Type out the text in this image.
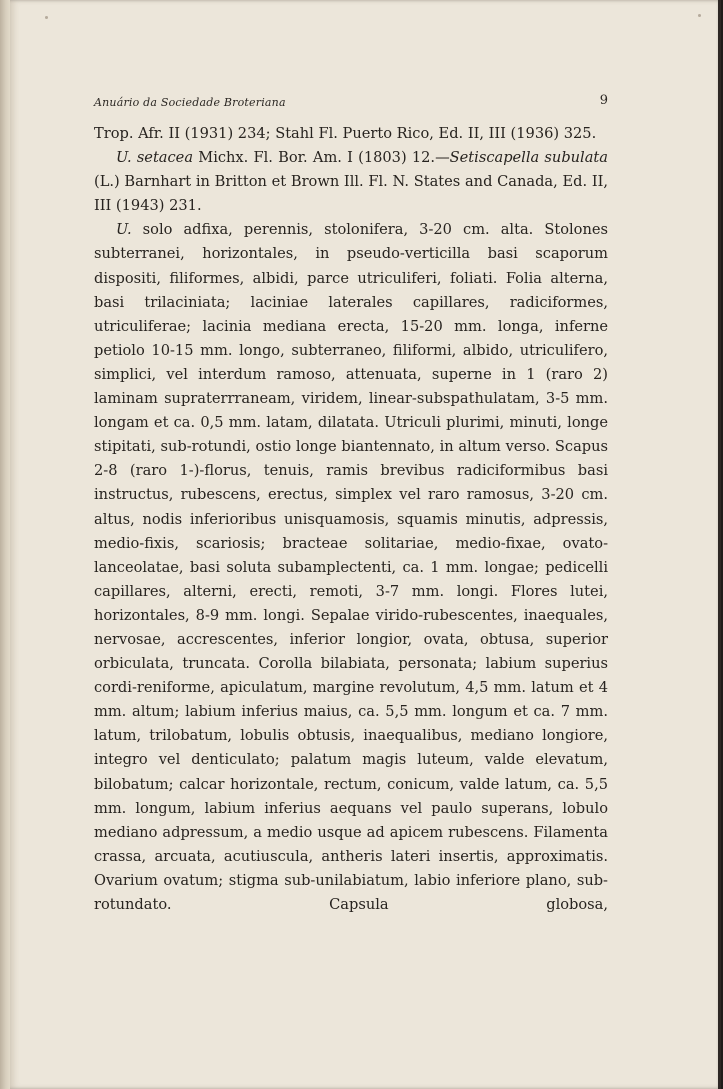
Anuário da Sociedade Broteriana	9

Trop. Afr. II (1931) 234; Stahl Fl. Puerto Rico, Ed. II, III (1936) 325.

U. setacea Michx. Fl. Bor. Am. I (1803) 12.—Setiscapella subulata (L.) Barnhart in Britton et Brown Ill. Fl. N. States and Canada, Ed. II, III (1943) 231.

U. solo adfixa, perennis, stolonifera, 3-20 cm. alta. Stolones subterranei, horizontales, in pseudo-verticilla basi scaporum dispositi, filiformes, albidi, parce utriculiferi, foliati. Folia alterna, basi trilaciniata; laciniae laterales capillares, radiciformes, utriculiferae; lacinia mediana erecta, 15-20 mm. longa, inferne petiolo 10-15 mm. longo, subterraneo, filiformi, albido, utriculifero, simplici, vel interdum ramoso, attenuata, superne in 1 (raro 2) laminam supraterrraneam, viridem, linear-subspathulatam, 3-5 mm. longam et ca. 0,5 mm. latam, dilatata. Utriculi plurimi, minuti, longe stipitati, sub-rotundi, ostio longe biantennato, in altum verso. Scapus 2-8 (raro 1-)-florus, tenuis, ramis brevibus radiciformibus basi instructus, rubescens, erectus, simplex vel raro ramosus, 3-20 cm. altus, nodis inferioribus unisquamosis, squamis minutis, adpressis, medio-fixis, scariosis; bracteae solitariae, medio-fixae, ovato-lanceolatae, basi soluta subamplectenti, ca. 1 mm. longae; pedicelli capillares, alterni, erecti, remoti, 3-7 mm. longi. Flores lutei, horizontales, 8-9 mm. longi. Sepalae virido-rubescentes, inaequales, nervosae, accrescentes, inferior longior, ovata, obtusa, superior orbiculata, truncata. Corolla bilabiata, personata; labium superius cordi-reniforme, apiculatum, margine revolutum, 4,5 mm. latum et 4 mm. altum; labium inferius maius, ca. 5,5 mm. longum et ca. 7 mm. latum, trilobatum, lobulis obtusis, inaequalibus, mediano longiore, integro vel denticulato; palatum magis luteum, valde elevatum, bilobatum; calcar horizontale, rectum, conicum, valde latum, ca. 5,5 mm. longum, labium inferius aequans vel paulo superans, lobulo mediano adpressum, a medio usque ad apicem rubescens. Filamenta crassa, arcuata, acutiuscula, antheris lateri insertis, approximatis. Ovarium ovatum; stigma sub-unilabiatum, labio inferiore plano, sub-rotundato. Capsula globosa,
